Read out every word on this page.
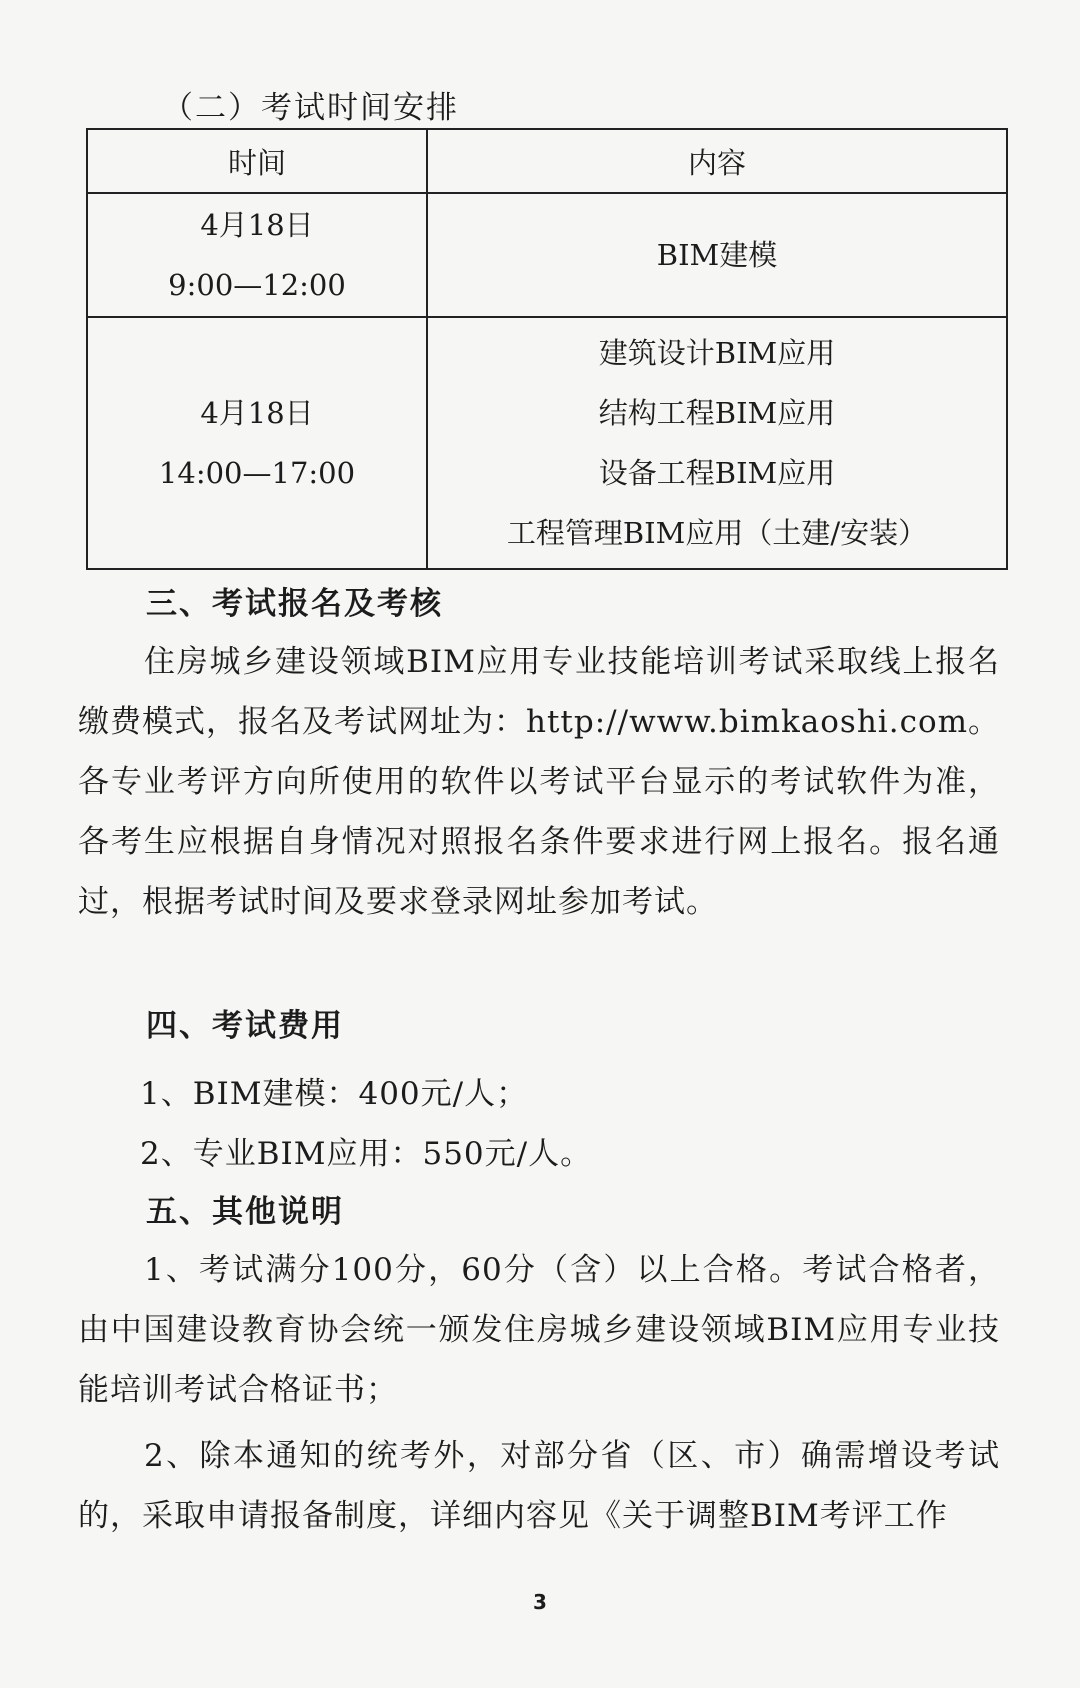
（二）考试时间安排
时间	内容

4月18日
9:00—12:00	BIM建模

4月18日
14:00—17:00	建筑设计BIM应用
结构工程BIM应用
设备工程BIM应用
工程管理BIM应用（土建/安装）
三、考试报名及考核
住房城乡建设领域BIM应用专业技能培训考试采取线上报名缴费模式，报名及考试网址为：http://www.bimkaoshi.com。各专业考评方向所使用的软件以考试平台显示的考试软件为准，各考生应根据自身情况对照报名条件要求进行网上报名。报名通过，根据考试时间及要求登录网址参加考试。
四、考试费用
1、BIM建模：400元/人；
2、专业BIM应用：550元/人。
五、其他说明
1、考试满分100分，60分（含）以上合格。考试合格者，由中国建设教育协会统一颁发住房城乡建设领域BIM应用专业技能培训考试合格证书；
2、除本通知的统考外，对部分省（区、市）确需增设考试的，采取申请报备制度，详细内容见《关于调整BIM考评工作
3
